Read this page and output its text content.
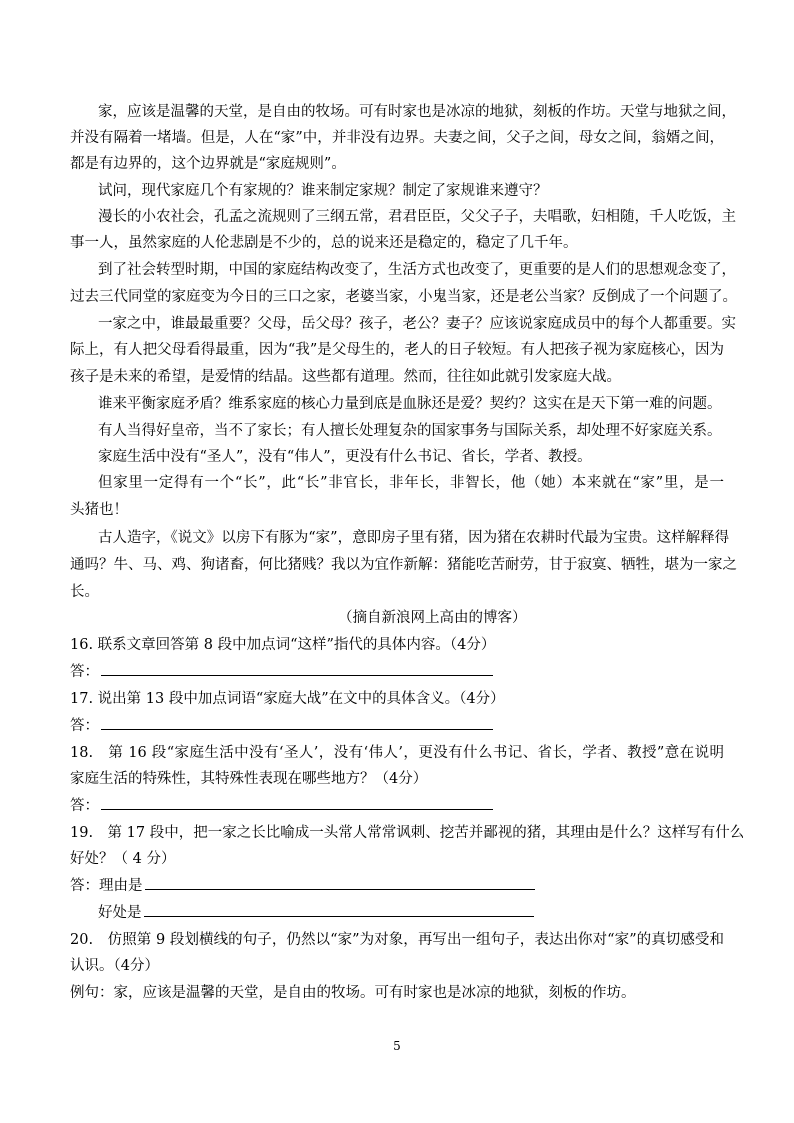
家，应该是温馨的天堂，是自由的牧场。可有时家也是冰凉的地狱，刻板的作坊。天堂与地狱之间，
并没有隔着一堵墙。但是，人在“家”中，并非没有边界。夫妻之间，父子之间，母女之间，翁婿之间，
都是有边界的，这个边界就是“家庭规则”。
试问，现代家庭几个有家规的？谁来制定家规？制定了家规谁来遵守？
漫长的小农社会，孔孟之流规则了三纲五常，君君臣臣，父父子子，夫唱歌，妇相随，千人吃饭，主
事一人，虽然家庭的人伦悲剧是不少的，总的说来还是稳定的，稳定了几千年。
到了社会转型时期，中国的家庭结构改变了，生活方式也改变了，更重要的是人们的思想观念变了，
过去三代同堂的家庭变为今日的三口之家，老婆当家，小鬼当家，还是老公当家？反倒成了一个问题了。
一家之中，谁最最重要？父母，岳父母？孩子，老公？妻子？应该说家庭成员中的每个人都重要。实
际上，有人把父母看得最重，因为“我”是父母生的，老人的日子较短。有人把孩子视为家庭核心，因为
孩子是未来的希望，是爱情的结晶。这些都有道理。然而，往往如此就引发家庭大战。
谁来平衡家庭矛盾？维系家庭的核心力量到底是血脉还是爱？契约？这实在是天下第一难的问题。
有人当得好皇帝，当不了家长；有人擅长处理复杂的国家事务与国际关系，却处理不好家庭关系。
家庭生活中没有“圣人”，没有“伟人”，更没有什么书记、省长，学者、教授。
但家里一定得有一个“长”，此“长”非官长，非年长，非智长，他（她）本来就在“家”里，是一
头猪也！
古人造字，《说文》以房下有豚为“家”，意即房子里有猪，因为猪在农耕时代最为宝贵。这样解释得
通吗？牛、马、鸡、狗诸畜，何比猪贱？我以为宜作新解：猪能吃苦耐劳，甘于寂寞、牺牲，堪为一家之
长。
（摘自新浪网上高由的博客）
16. 联系文章回答第 8 段中加点词“这样”指代的具体内容。（4分）
答：
17. 说出第 13 段中加点词语“家庭大战”在文中的具体含义。（4分）
答：
18.　第 16 段“家庭生活中没有‘圣人’，没有‘伟人’，更没有什么书记、省长，学者、教授”意在说明
家庭生活的特殊性，其特殊性表现在哪些地方？（4分）
答：
19.　第 17 段中，把一家之长比喻成一头常人常常讽刺、挖苦并鄙视的猪，其理由是什么？这样写有什么
好处？（ 4 分）
答：理由是
好处是
20.　仿照第 9 段划横线的句子，仍然以“家”为对象，再写出一组句子，表达出你对“家”的真切感受和
认识。（4分）
例句：家，应该是温馨的天堂，是自由的牧场。可有时家也是冰凉的地狱，刻板的作坊。
5
